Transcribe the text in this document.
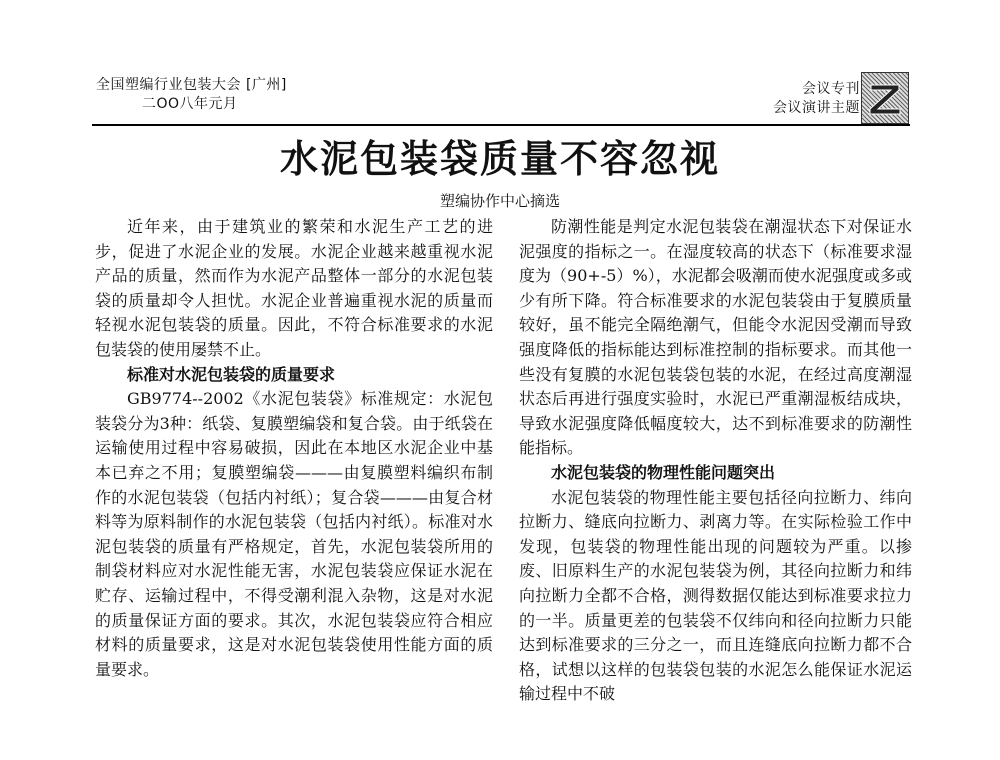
全国塑编行业包装大会 [广州]
二OO八年元月
会议专刊
会议演讲主题
水泥包装袋质量不容忽视
塑编协作中心摘选

近年来，由于建筑业的繁荣和水泥生产工艺的进步，促进了水泥企业的发展。水泥企业越来越重视水泥产品的质量，然而作为水泥产品整体一部分的水泥包装袋的质量却令人担忧。水泥企业普遍重视水泥的质量而轻视水泥包装袋的质量。因此，不符合标准要求的水泥包装袋的使用屡禁不止。

标准对水泥包装袋的质量要求

GB9774--2002《水泥包装袋》标准规定：水泥包装袋分为3种：纸袋、复膜塑编袋和复合袋。由于纸袋在运输使用过程中容易破损，因此在本地区水泥企业中基本已弃之不用；复膜塑编袋———由复膜塑料编织布制作的水泥包装袋（包括内衬纸）；复合袋———由复合材料等为原料制作的水泥包装袋（包括内衬纸）。标准对水泥包装袋的质量有严格规定，首先，水泥包装袋所用的制袋材料应对水泥性能无害，水泥包装袋应保证水泥在贮存、运输过程中，不得受潮利混入杂物，这是对水泥的质量保证方面的要求。其次，水泥包装袋应符合相应材料的质量要求，这是对水泥包装袋使用性能方面的质量要求。

防潮性能是判定水泥包装袋在潮湿状态下对保证水泥强度的指标之一。在湿度较高的状态下（标准要求湿度为（90+-5）%），水泥都会吸潮而使水泥强度或多或少有所下降。符合标准要求的水泥包装袋由于复膜质量较好，虽不能完全隔绝潮气，但能令水泥因受潮而导致强度降低的指标能达到标准控制的指标要求。而其他一些没有复膜的水泥包装袋包装的水泥，在经过高度潮湿状态后再进行强度实验时，水泥已严重潮湿板结成块，导致水泥强度降低幅度较大，达不到标准要求的防潮性能指标。

水泥包装袋的物理性能问题突出

水泥包装袋的物理性能主要包括径向拉断力、纬向拉断力、缝底向拉断力、剥离力等。在实际检验工作中发现，包装袋的物理性能出现的问题较为严重。以掺废、旧原料生产的水泥包装袋为例，其径向拉断力和纬向拉断力全都不合格，测得数据仅能达到标准要求拉力的一半。质量更差的包装袋不仅纬向和径向拉断力只能达到标准要求的三分之一，而且连缝底向拉断力都不合格，试想以这样的包装袋包装的水泥怎么能保证水泥运输过程中不破
